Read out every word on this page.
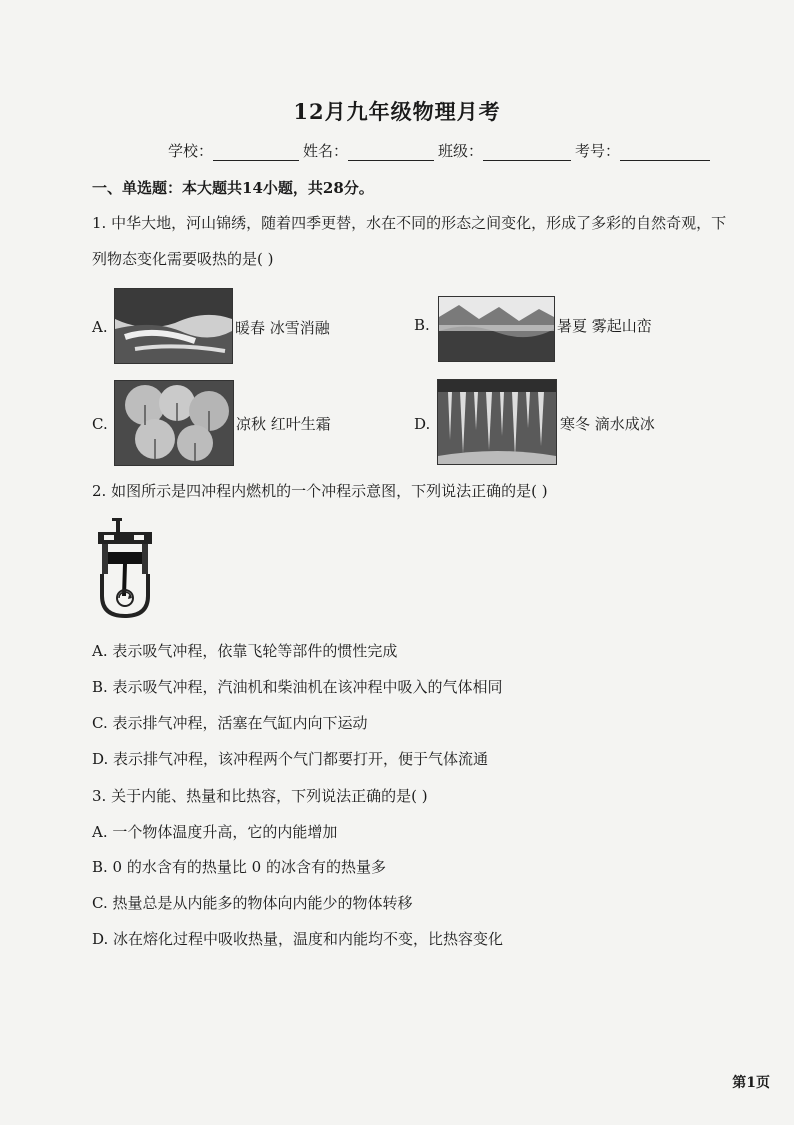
12月九年级物理月考
学校：	姓名：	班级：	考号：
一、单选题：本大题共14小题，共28分。
1. 中华大地，河山锦绣，随着四季更替，水在不同的形态之间变化，形成了多彩的自然奇观，下
列物态变化需要吸热的是( )
A.	暖春 冰雪消融	B.	暑夏 雾起山峦
C.	凉秋 红叶生霜	D.	寒冬 滴水成冰
2. 如图所示是四冲程内燃机的一个冲程示意图，下列说法正确的是( )
A. 表示吸气冲程，依靠飞轮等部件的惯性完成
B. 表示吸气冲程，汽油机和柴油机在该冲程中吸入的气体相同
C. 表示排气冲程，活塞在气缸内向下运动
D. 表示排气冲程，该冲程两个气门都要打开，便于气体流通
3. 关于内能、热量和比热容，下列说法正确的是( )
A. 一个物体温度升高，它的内能增加
B. 0 的水含有的热量比 0 的冰含有的热量多
C. 热量总是从内能多的物体向内能少的物体转移
D. 冰在熔化过程中吸收热量，温度和内能均不变，比热容变化
第1页
